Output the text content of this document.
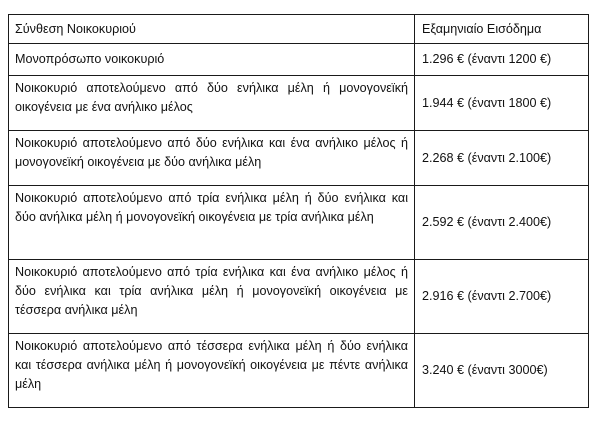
Σύνθεση Νοικοκυριού	Εξαμηνιαίο Εισόδημα

Μονοπρόσωπο νοικοκυριό	1.296 € (έναντι 1200 €)

Νοικοκυριό αποτελούμενο από δύο ενήλικα μέλη ή μονογονεϊκή οικογένεια με ένα ανήλικο μέλος	1.944 € (έναντι 1800 €)

Νοικοκυριό αποτελούμενο από δύο ενήλικα και ένα ανήλικο μέλος ή μονογονεϊκή οικογένεια με δύο ανήλικα μέλη	2.268 € (έναντι 2.100€)

Νοικοκυριό αποτελούμενο από τρία ενήλικα μέλη ή δύο ενήλικα και δύο ανήλικα μέλη ή μονογονεϊκή οικογένεια με τρία ανήλικα μέλη	2.592 € (έναντι 2.400€)

Νοικοκυριό αποτελούμενο από τρία ενήλικα και ένα ανήλικο μέλος ή δύο ενήλικα και τρία ανήλικα μέλη ή μονογονεϊκή οικογένεια με τέσσερα ανήλικα μέλη	2.916 € (έναντι 2.700€)

Νοικοκυριό αποτελούμενο από τέσσερα ενήλικα μέλη ή δύο ενήλικα και τέσσερα ανήλικα μέλη ή μονογονεϊκή οικογένεια με πέντε ανήλικα μέλη	3.240 € (έναντι 3000€)
